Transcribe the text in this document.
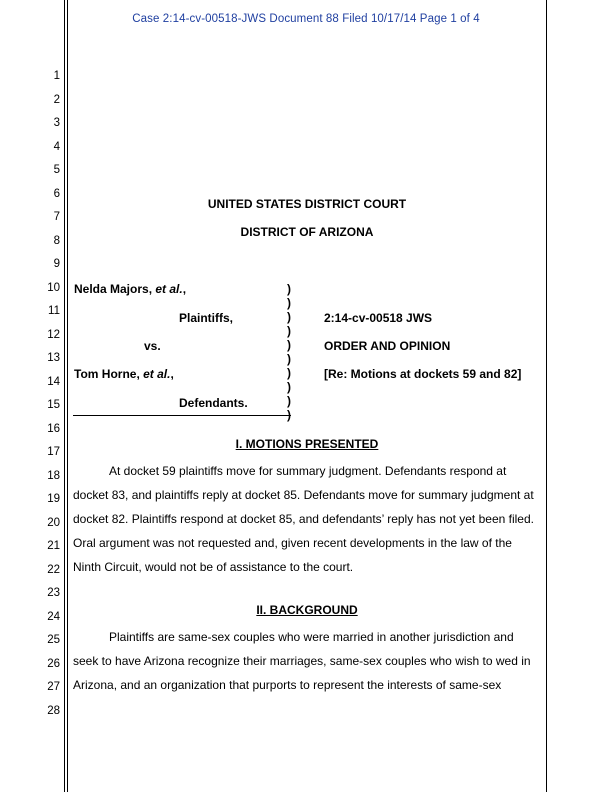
Case 2:14-cv-00518-JWS Document 88 Filed 10/17/14 Page 1 of 4
1
2
3
4
5
6
7
8
9
10
11
12
13
14
15
16
17
18
19
20
21
22
23
24
25
26
27
28
UNITED STATES DISTRICT COURT
DISTRICT OF ARIZONA
Nelda Majors, et al.,
Plaintiffs,
vs.
Tom Horne, et al.,
Defendants.
)
)
)
)
)
)
)
)
)
)
2:14-cv-00518 JWS
ORDER AND OPINION
[Re: Motions at dockets 59 and 82]
I. MOTIONS PRESENTED
At docket 59 plaintiffs move for summary judgment. Defendants respond at
docket 83, and plaintiffs reply at docket 85. Defendants move for summary judgment at
docket 82. Plaintiffs respond at docket 85, and defendants’ reply has not yet been filed.
Oral argument was not requested and, given recent developments in the law of the
Ninth Circuit, would not be of assistance to the court.
II. BACKGROUND
Plaintiffs are same-sex couples who were married in another jurisdiction and
seek to have Arizona recognize their marriages, same-sex couples who wish to wed in
Arizona, and an organization that purports to represent the interests of same-sex
